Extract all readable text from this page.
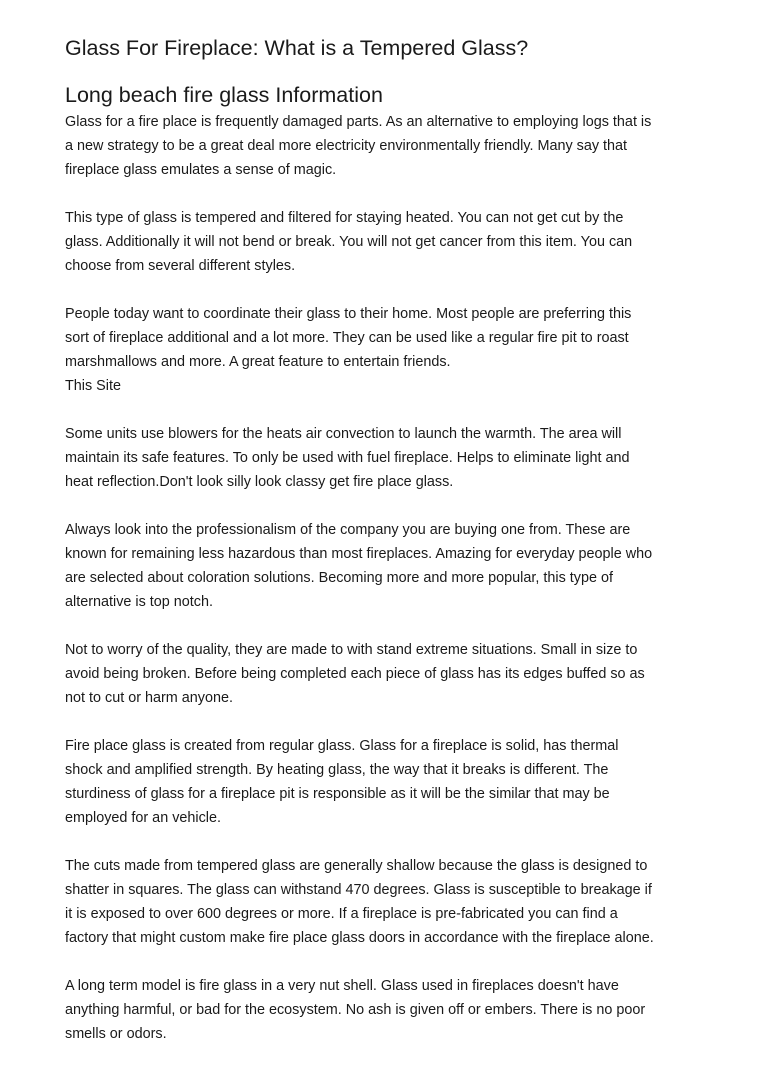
Glass For Fireplace: What is a Tempered Glass?
Long beach fire glass Information

Glass for a fire place is frequently damaged parts. As an alternative to employing logs that is
a new strategy to be a great deal more electricity environmentally friendly. Many say that
fireplace glass emulates a sense of magic.

This type of glass is tempered and filtered for staying heated. You can not get cut by the
glass. Additionally it will not bend or break. You will not get cancer from this item. You can
choose from several different styles.

People today want to coordinate their glass to their home. Most people are preferring this
sort of fireplace additional and a lot more. They can be used like a regular fire pit to roast
marshmallows and more. A great feature to entertain friends.
This Site

Some units use blowers for the heats air convection to launch the warmth. The area will
maintain its safe features. To only be used with fuel fireplace. Helps to eliminate light and
heat reflection.Don't look silly look classy get fire place glass.

Always look into the professionalism of the company you are buying one from. These are
known for remaining less hazardous than most fireplaces. Amazing for everyday people who
are selected about coloration solutions. Becoming more and more popular, this type of
alternative is top notch.

Not to worry of the quality, they are made to with stand extreme situations. Small in size to
avoid being broken. Before being completed each piece of glass has its edges buffed so as
not to cut or harm anyone.

Fire place glass is created from regular glass. Glass for a fireplace is solid, has thermal
shock and amplified strength. By heating glass, the way that it breaks is different. The
sturdiness of glass for a fireplace pit is responsible as it will be the similar that may be
employed for an vehicle.

The cuts made from tempered glass are generally shallow because the glass is designed to
shatter in squares. The glass can withstand 470 degrees. Glass is susceptible to breakage if
it is exposed to over 600 degrees or more. If a fireplace is pre-fabricated you can find a
factory that might custom make fire place glass doors in accordance with the fireplace alone.

A long term model is fire glass in a very nut shell. Glass used in fireplaces doesn't have
anything harmful, or bad for the ecosystem. No ash is given off or embers. There is no poor
smells or odors.
